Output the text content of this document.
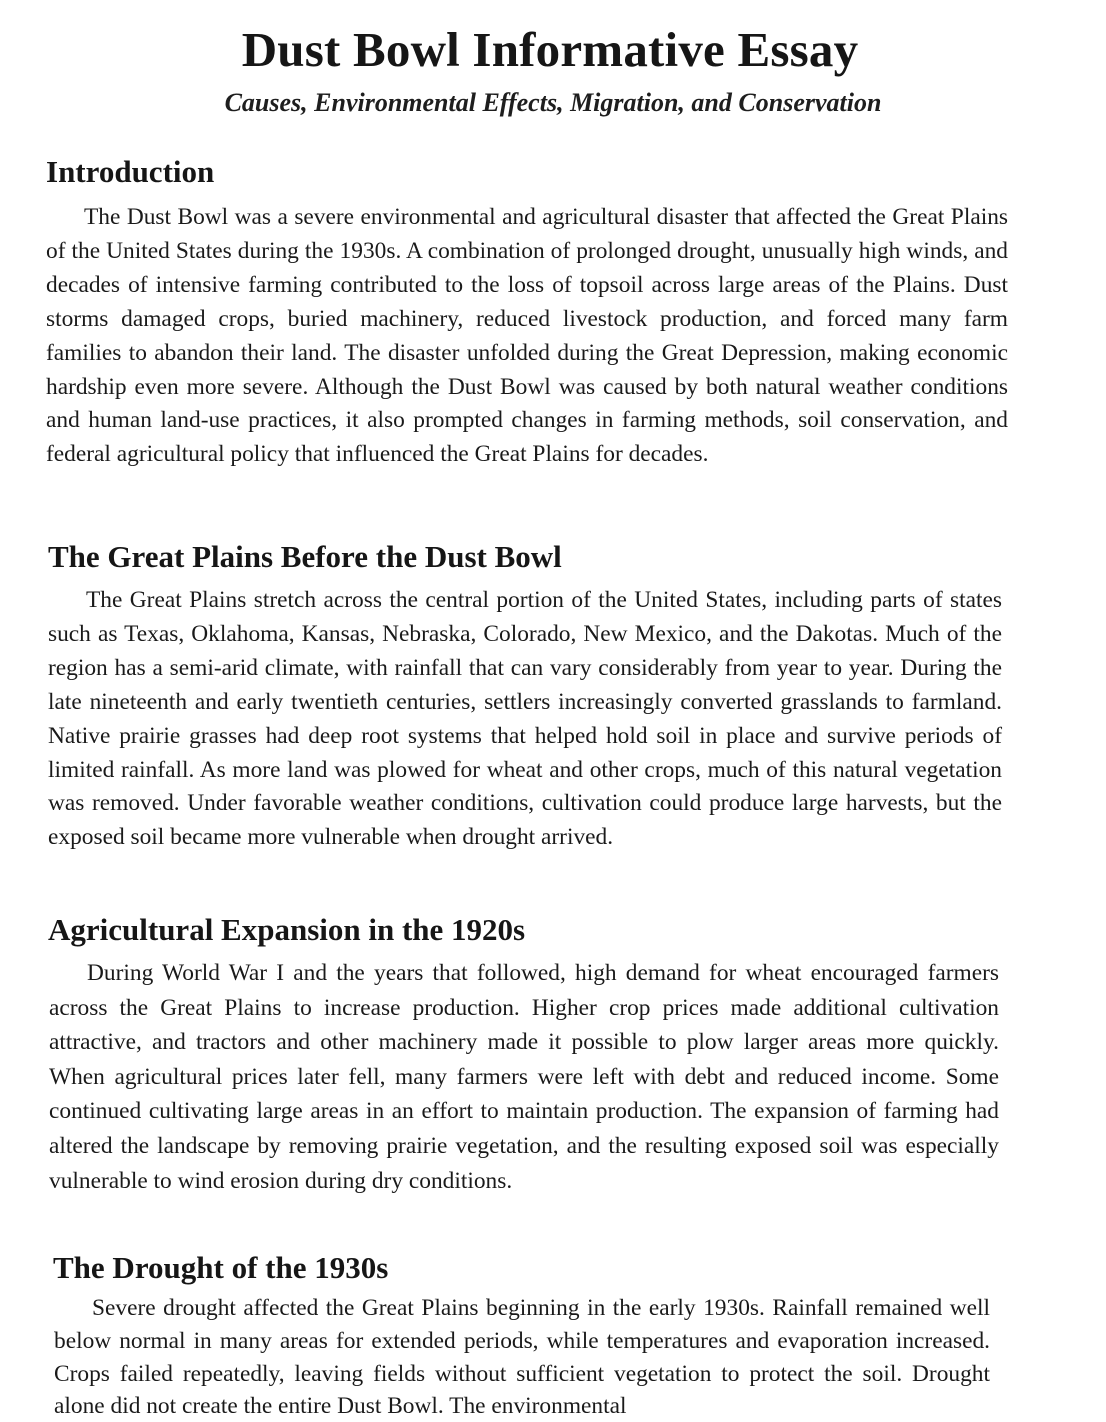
Dust Bowl Informative Essay
Causes, Environmental Effects, Migration, and Conservation
Introduction

The Dust Bowl was a severe environmental and agricultural disaster that affected the Great Plains of the United States during the 1930s. A combination of prolonged drought, unusually high winds, and decades of intensive farming contributed to the loss of topsoil across large areas of the Plains. Dust storms damaged crops, buried machinery, reduced livestock production, and forced many farm families to abandon their land. The disaster unfolded during the Great Depression, making economic hardship even more severe. Although the Dust Bowl was caused by both natural weather conditions and human land-use practices, it also prompted changes in farming methods, soil conservation, and federal agricultural policy that influenced the Great Plains for decades.

The Great Plains Before the Dust Bowl

The Great Plains stretch across the central portion of the United States, including parts of states such as Texas, Oklahoma, Kansas, Nebraska, Colorado, New Mexico, and the Dakotas. Much of the region has a semi-arid climate, with rainfall that can vary considerably from year to year. During the late nineteenth and early twentieth centuries, settlers increasingly converted grasslands to farmland. Native prairie grasses had deep root systems that helped hold soil in place and survive periods of limited rainfall. As more land was plowed for wheat and other crops, much of this natural vegetation was removed. Under favorable weather conditions, cultivation could produce large harvests, but the exposed soil became more vulnerable when drought arrived.

Agricultural Expansion in the 1920s

During World War I and the years that followed, high demand for wheat encouraged farmers across the Great Plains to increase production. Higher crop prices made additional cultivation attractive, and tractors and other machinery made it possible to plow larger areas more quickly. When agricultural prices later fell, many farmers were left with debt and reduced income. Some continued cultivating large areas in an effort to maintain production. The expansion of farming had altered the landscape by removing prairie vegetation, and the resulting exposed soil was especially vulnerable to wind erosion during dry conditions.

The Drought of the 1930s

Severe drought affected the Great Plains beginning in the early 1930s. Rainfall remained well below normal in many areas for extended periods, while temperatures and evaporation increased. Crops failed repeatedly, leaving fields without sufficient vegetation to protect the soil. Drought alone did not create the entire Dust Bowl. The environmental
